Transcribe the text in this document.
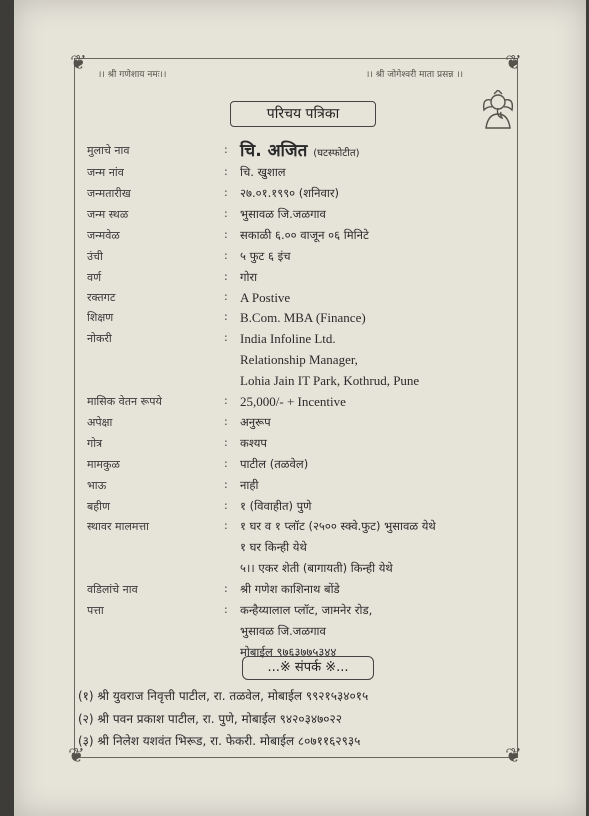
❦	❦
❦	❦
।। श्री गणेशाय नमः।।	।। श्री जोगेश्वरी माता प्रसन्न ।।
परिचय पत्रिका
मुलाचे नाव	: चि. अजित (घटस्फोटीत)
जन्म नांव	: चि. खुशाल
जन्मतारीख	: २७.०१.१९९० (शनिवार)
जन्म स्थळ	: भुसावळ जि.जळगाव
जन्मवेळ	: सकाळी ६.०० वाजून ०६ मिनिटे
उंची	: ५ फुट ६ इंच
वर्ण	: गोरा
रक्तगट	: A Postive
शिक्षण	: B.Com. MBA (Finance)
नोकरी	: India Infoline Ltd.
Relationship Manager,
Lohia Jain IT Park, Kothrud, Pune
मासिक वेतन रूपये	: 25,000/- + Incentive
अपेक्षा	: अनुरूप
गोत्र	: कश्यप
मामकुळ	: पाटील (तळवेल)
भाऊ	: नाही
बहीण	: १ (विवाहीत) पुणे
स्थावर मालमत्ता	: १ घर व १ प्लॉट (२५०० स्क्वे.फुट) भुसावळ येथे
१ घर किन्ही येथे
५।। एकर शेती (बागायती) किन्ही येथे
वडिलांचे नाव	: श्री गणेश काशिनाथ बोंडे
पत्ता	: कन्हैय्यालाल प्लॉट, जामनेर रोड,
भुसावळ जि.जळगाव
मोबाईल ९७६३७७५३४४
...※ संपर्क ※...
(१) श्री युवराज निवृत्ती पाटील, रा. तळवेल, मोबाईल ९९२१५३४०१५
(२) श्री पवन प्रकाश पाटील, रा. पुणे, मोबाईल ९४२०३४७०२२
(३) श्री निलेश यशवंत भिरूड, रा. फेकरी. मोबाईल ८०७११६२९३५
